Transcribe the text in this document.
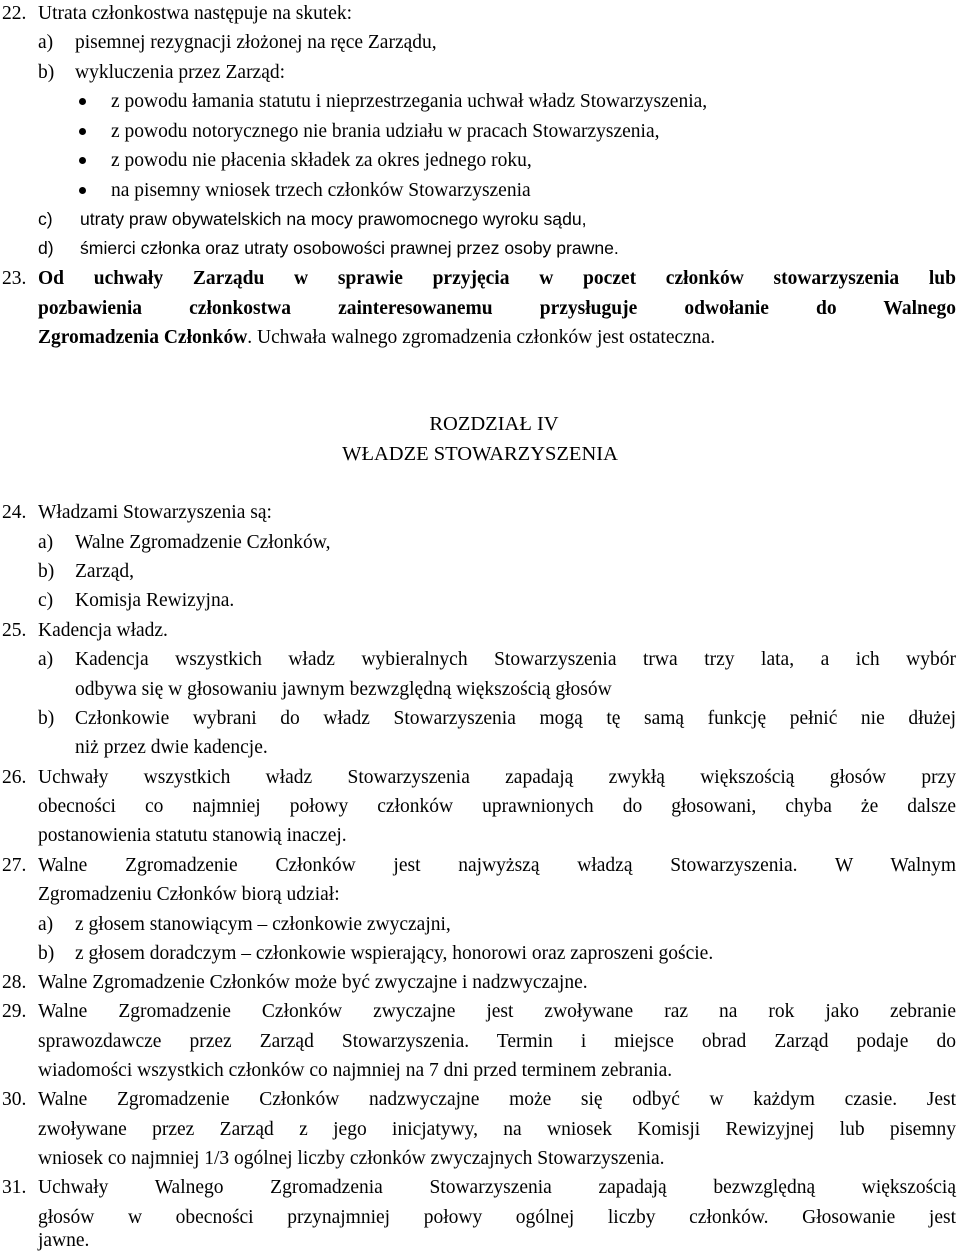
22. Utrata członkostwa następuje na skutek:
a) pisemnej rezygnacji złożonej na ręce Zarządu,
b) wykluczenia przez Zarząd:
z powodu łamania statutu i nieprzestrzegania uchwał władz Stowarzyszenia,
z powodu notorycznego nie brania udziału w pracach Stowarzyszenia,
z powodu nie płacenia składek za okres jednego roku,
na pisemny wniosek trzech członków Stowarzyszenia
c) utraty praw obywatelskich na mocy prawomocnego wyroku sądu,
d) śmierci członka oraz utraty osobowości prawnej przez osoby prawne.
23. Od uchwały Zarządu w sprawie przyjęcia w poczet członków stowarzyszenia lub
pozbawienia członkostwa zainteresowanemu przysługuje odwołanie do Walnego
Zgromadzenia Członków. Uchwała walnego zgromadzenia członków jest ostateczna.
ROZDZIAŁ IV
WŁADZE STOWARZYSZENIA
24. Władzami Stowarzyszenia są:
a) Walne Zgromadzenie Członków,
b) Zarząd,
c) Komisja Rewizyjna.
25. Kadencja władz.
a) Kadencja wszystkich władz wybieralnych Stowarzyszenia trwa trzy lata, a ich wybór
odbywa się w głosowaniu jawnym bezwzględną większością głosów
b) Członkowie wybrani do władz Stowarzyszenia mogą tę samą funkcję pełnić nie dłużej
niż przez dwie kadencje.
26. Uchwały wszystkich władz Stowarzyszenia zapadają zwykłą większością głosów przy
obecności co najmniej połowy członków uprawnionych do głosowani, chyba że dalsze
postanowienia statutu stanowią inaczej.
27. Walne Zgromadzenie Członków jest najwyższą władzą Stowarzyszenia. W Walnym
Zgromadzeniu Członków biorą udział:
a) z głosem stanowiącym – członkowie zwyczajni,
b) z głosem doradczym – członkowie wspierający, honorowi oraz zaproszeni goście.
28. Walne Zgromadzenie Członków może być zwyczajne i nadzwyczajne.
29. Walne Zgromadzenie Członków zwyczajne jest zwoływane raz na rok jako zebranie
sprawozdawcze przez Zarząd Stowarzyszenia. Termin i miejsce obrad Zarząd podaje do
wiadomości wszystkich członków co najmniej na 7 dni przed terminem zebrania.
30. Walne Zgromadzenie Członków nadzwyczajne może się odbyć w każdym czasie. Jest
zwoływane przez Zarząd z jego inicjatywy, na wniosek Komisji Rewizyjnej lub pisemny
wniosek co najmniej 1/3 ogólnej liczby członków zwyczajnych Stowarzyszenia.
31. Uchwały Walnego Zgromadzenia Stowarzyszenia zapadają bezwzględną większością
głosów w obecności przynajmniej połowy ogólnej liczby członków. Głosowanie jest
jawne.
